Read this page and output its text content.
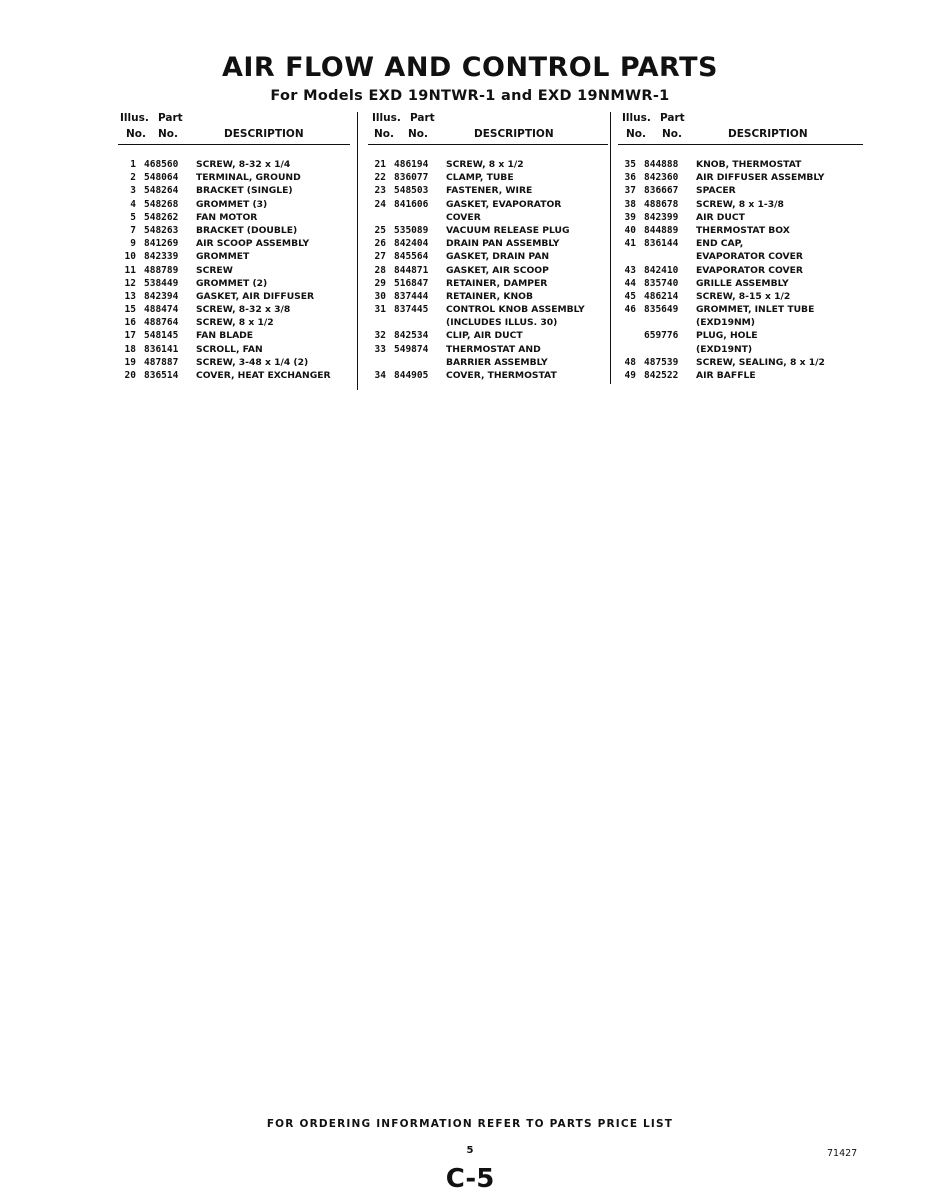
AIR FLOW AND CONTROL PARTS
For Models EXD 19NTWR-1 and EXD 19NMWR-1
Illus. Part
No. No.	DESCRIPTION
1 468560 SCREW, 8-32 x 1/4
2 548064 TERMINAL, GROUND
3 548264 BRACKET (SINGLE)
4 548268 GROMMET (3)
5 548262 FAN MOTOR
7 548263 BRACKET (DOUBLE)
9 841269 AIR SCOOP ASSEMBLY
10 842339 GROMMET
11 488789 SCREW
12 538449 GROMMET (2)
13 842394 GASKET, AIR DIFFUSER
15 488474 SCREW, 8-32 x 3/8
16 488764 SCREW, 8 x 1/2
17 548145 FAN BLADE
18 836141 SCROLL, FAN
19 487887 SCREW, 3-48 x 1/4 (2)
20 836514 COVER, HEAT EXCHANGER
Illus. Part
No. No.	DESCRIPTION
21 486194 SCREW, 8 x 1/2
22 836077 CLAMP, TUBE
23 548503 FASTENER, WIRE
24 841606 GASKET, EVAPORATOR
COVER
25 535089 VACUUM RELEASE PLUG
26 842404 DRAIN PAN ASSEMBLY
27 845564 GASKET, DRAIN PAN
28 844871 GASKET, AIR SCOOP
29 516847 RETAINER, DAMPER
30 837444 RETAINER, KNOB
31 837445 CONTROL KNOB ASSEMBLY
(INCLUDES ILLUS. 30)
32 842534 CLIP, AIR DUCT
33 549874 THERMOSTAT AND
BARRIER ASSEMBLY
34 844905 COVER, THERMOSTAT
Illus. Part
No. No.	DESCRIPTION
35 844888 KNOB, THERMOSTAT
36 842360 AIR DIFFUSER ASSEMBLY
37 836667 SPACER
38 488678 SCREW, 8 x 1-3/8
39 842399 AIR DUCT
40 844889 THERMOSTAT BOX
41 836144 END CAP,
EVAPORATOR COVER
43 842410 EVAPORATOR COVER
44 835740 GRILLE ASSEMBLY
45 486214 SCREW, 8-15 x 1/2
46 835649 GROMMET, INLET TUBE
(EXD19NM)
659776 PLUG, HOLE
(EXD19NT)
48 487539 SCREW, SEALING, 8 x 1/2
49 842522 AIR BAFFLE
FOR ORDERING INFORMATION REFER TO PARTS PRICE LIST
5	71427
C-5
